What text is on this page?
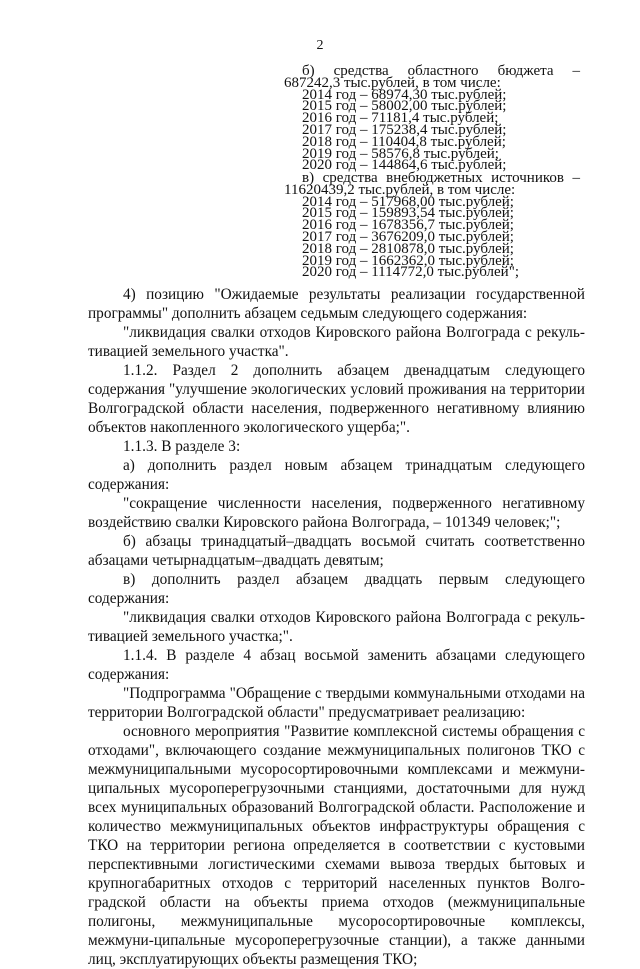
2
б) средства областного бюджета –
687242,3 тыс.рублей, в том числе:
2014 год – 68974,30 тыс.рублей;
2015 год – 58002,00 тыс.рублей;
2016 год – 71181,4 тыс.рублей;
2017 год – 175238,4 тыс.рублей;
2018 год – 110404,8 тыс.рублей;
2019 год – 58576,8 тыс.рублей;
2020 год – 144864,6 тыс.рублей;
в) средства внебюджетных источников –
11620439,2 тыс.рублей, в том числе:
2014 год – 517968,00 тыс.рублей;
2015 год – 159893,54 тыс.рублей;
2016 год – 1678356,7 тыс.рублей;
2017 год – 3676209,0 тыс.рублей;
2018 год – 2810878,0 тыс.рублей;
2019 год – 1662362,0 тыс.рублей;
2020 год – 1114772,0 тыс.рублей";

4) позицию "Ожидаемые результаты реализации государственной программы" дополнить абзацем седьмым следующего содержания:

"ликвидация свалки отходов Кировского района Волгограда с рекуль-тивацией земельного участка".

1.1.2. Раздел 2 дополнить абзацем двенадцатым следующего содержания "улучшение экологических условий проживания на территории Волгоградской области населения, подверженного негативному влиянию объектов накопленного экологического ущерба;".

1.1.3. В разделе 3:

а) дополнить раздел новым абзацем тринадцатым следующего содержания:

"сокращение численности населения, подверженного негативному воздействию свалки Кировского района Волгограда, – 101349 человек;";

б) абзацы тринадцатый–двадцать восьмой считать соответственно абзацами четырнадцатым–двадцать девятым;

в) дополнить раздел абзацем двадцать первым следующего содержания:

"ликвидация свалки отходов Кировского района Волгограда с рекуль-тивацией земельного участка;".

1.1.4. В разделе 4 абзац восьмой заменить абзацами следующего содержания:

"Подпрограмма "Обращение с твердыми коммунальными отходами на территории Волгоградской области" предусматривает реализацию:

основного мероприятия "Развитие комплексной системы обращения с отходами", включающего создание межмуниципальных полигонов ТКО с межмуниципальными мусоросортировочными комплексами и межмуни-ципальных мусороперегрузочными станциями, достаточными для нужд всех муниципальных образований Волгоградской области. Расположение и количество межмуниципальных объектов инфраструктуры обращения с ТКО на территории региона определяется в соответствии с кустовыми перспективными логистическими схемами вывоза твердых бытовых и крупногабаритных отходов с территорий населенных пунктов Волго-градской области на объекты приема отходов (межмуниципальные полигоны, межмуниципальные мусоросортировочные комплексы, межмуни-ципальные мусороперегрузочные станции), а также данными лиц, эксплуатирующих объекты размещения ТКО;
